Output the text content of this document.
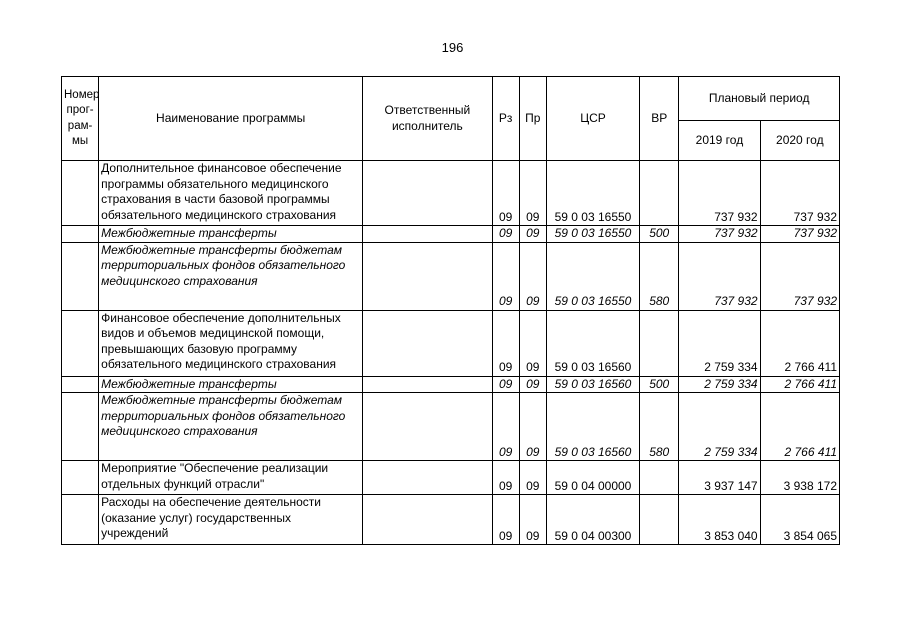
196
Номер прог- рам- мы	Наименование программы	Ответственный исполнитель	Рз	Пр	ЦСР	ВР	Плановый период	
							2019 год	2020 год
	Дополнительное финансовое обеспечение программы обязательного медицинского страхования в части базовой программы обязательного медицинского страхования		09	09	59 0 03 16550		737 932	737 932
	Межбюджетные трансферты		09	09	59 0 03 16550	500	737 932	737 932
	Межбюджетные трансферты бюджетам территориальных фондов обязательного медицинского страхования		09	09	59 0 03 16550	580	737 932	737 932
	Финансовое обеспечение дополнительных видов и объемов медицинской помощи, превышающих базовую программу обязательного медицинского страхования		09	09	59 0 03 16560		2 759 334	2 766 411
	Межбюджетные трансферты		09	09	59 0 03 16560	500	2 759 334	2 766 411
	Межбюджетные трансферты бюджетам территориальных фондов обязательного медицинского страхования		09	09	59 0 03 16560	580	2 759 334	2 766 411
	Мероприятие "Обеспечение реализации отдельных функций отрасли"		09	09	59 0 04 00000		3 937 147	3 938 172
	Расходы на обеспечение деятельности (оказание услуг) государственных учреждений		09	09	59 0 04 00300		3 853 040	3 854 065
